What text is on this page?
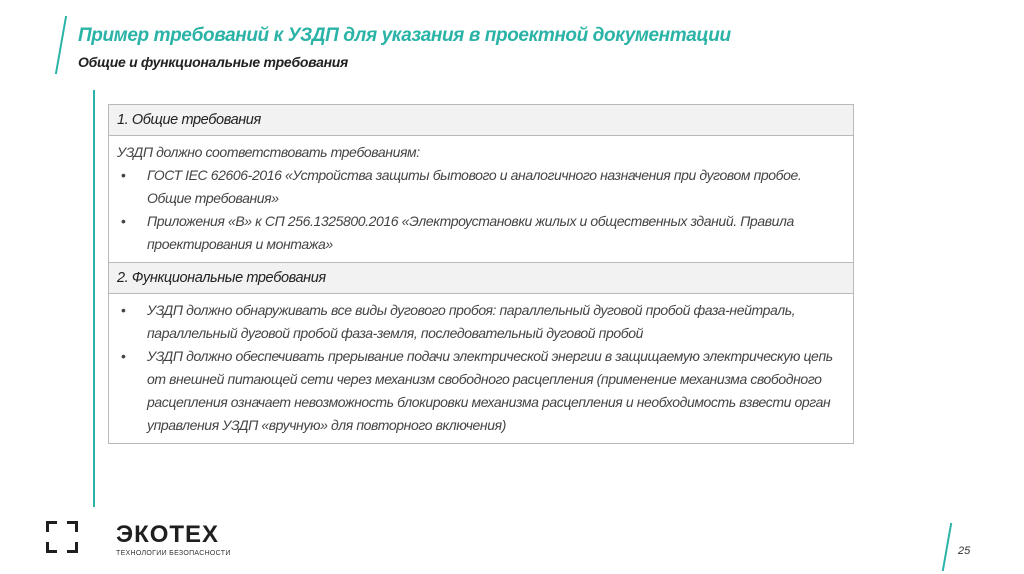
Пример требований к УЗДП для указания в проектной документации
Общие и функциональные требования
1. Общие требования

УЗДП должно соответствовать требованиям:

• ГОСТ IEC 62606-2016 «Устройства защиты бытового и аналогичного назначения при дуговом пробое. Общие требования»
• Приложения «В» к СП 256.1325800.2016 «Электроустановки жилых и общественных зданий. Правила проектирования и монтажа»
2. Функциональные требования
• УЗДП должно обнаруживать все виды дугового пробоя: параллельный дуговой пробой фаза-нейтраль, параллельный дуговой пробой фаза-земля, последовательный дуговой пробой
• УЗДП должно обеспечивать прерывание подачи электрической энергии в защищаемую электрическую цепь от внешней питающей сети через механизм свободного расцепления (применение механизма свободного расцепления означает невозможность блокировки механизма расцепления и необходимость взвести орган управления УЗДП «вручную» для повторного включения)
ЭКОТЕХ
ТЕХНОЛОГИИ БЕЗОПАСНОСТИ	25
